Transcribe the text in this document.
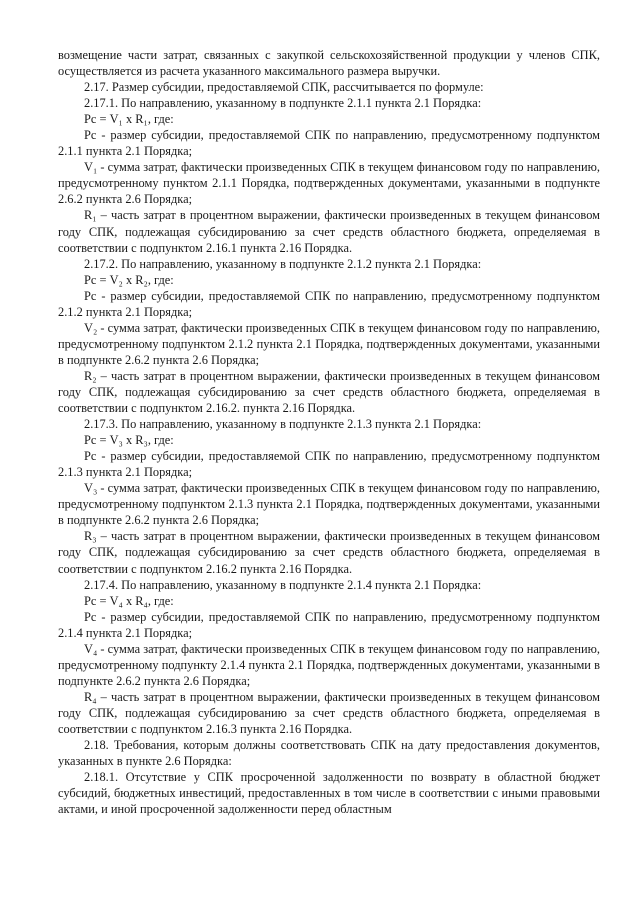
возмещение части затрат, связанных с закупкой сельскохозяйственной продукции у членов СПК, осуществляется из расчета указанного максимального размера выручки.

2.17. Размер субсидии, предоставляемой СПК, рассчитывается по формуле:

2.17.1. По направлению, указанному в подпункте 2.1.1 пункта 2.1 Порядка:

Рс = V₁ х R₁, где:

Рс - размер субсидии, предоставляемой СПК по направлению, предусмотренному подпунктом 2.1.1 пункта 2.1 Порядка;

V₁ - сумма затрат, фактически произведенных СПК в текущем финансовом году по направлению, предусмотренному пунктом 2.1.1 Порядка, подтвержденных документами, указанными в подпункте 2.6.2 пункта 2.6 Порядка;

R₁ – часть затрат в процентном выражении, фактически произведенных в текущем финансовом году СПК, подлежащая субсидированию за счет средств областного бюджета, определяемая в соответствии с подпунктом 2.16.1 пункта 2.16 Порядка.

2.17.2. По направлению, указанному в подпункте 2.1.2 пункта 2.1 Порядка:

Рс = V₂ х R₂, где:

Рс - размер субсидии, предоставляемой СПК по направлению, предусмотренному подпунктом 2.1.2 пункта 2.1 Порядка;

V₂ - сумма затрат, фактически произведенных СПК в текущем финансовом году по направлению, предусмотренному подпунктом 2.1.2 пункта 2.1 Порядка, подтвержденных документами, указанными в подпункте 2.6.2 пункта 2.6 Порядка;

R₂ – часть затрат в процентном выражении, фактически произведенных в текущем финансовом году СПК, подлежащая субсидированию за счет средств областного бюджета, определяемая в соответствии с подпунктом 2.16.2. пункта 2.16 Порядка.

2.17.3. По направлению, указанному в подпункте 2.1.3 пункта 2.1 Порядка:

Рс = V₃ х R₃, где:

Рс - размер субсидии, предоставляемой СПК по направлению, предусмотренному подпунктом 2.1.3 пункта 2.1 Порядка;

V₃ - сумма затрат, фактически произведенных СПК в текущем финансовом году по направлению, предусмотренному подпунктом 2.1.3 пункта 2.1 Порядка, подтвержденных документами, указанными в подпункте 2.6.2 пункта 2.6 Порядка;

R₃ – часть затрат в процентном выражении, фактически произведенных в текущем финансовом году СПК, подлежащая субсидированию за счет средств областного бюджета, определяемая в соответствии с подпунктом 2.16.2 пункта 2.16 Порядка.

2.17.4. По направлению, указанному в подпункте 2.1.4 пункта 2.1 Порядка:

Рс = V₄ х R₄, где:

Рс - размер субсидии, предоставляемой СПК по направлению, предусмотренному подпунктом 2.1.4 пункта 2.1 Порядка;

V₄ - сумма затрат, фактически произведенных СПК в текущем финансовом году по направлению, предусмотренному подпункту 2.1.4 пункта 2.1 Порядка, подтвержденных документами, указанными в подпункте 2.6.2 пункта 2.6 Порядка;

R₄ – часть затрат в процентном выражении, фактически произведенных в текущем финансовом году СПК, подлежащая субсидированию за счет средств областного бюджета, определяемая в соответствии с подпунктом 2.16.3 пункта 2.16 Порядка.

2.18. Требования, которым должны соответствовать СПК на дату предоставления документов, указанных в пункте 2.6 Порядка:

2.18.1. Отсутствие у СПК просроченной задолженности по возврату в областной бюджет субсидий, бюджетных инвестиций, предоставленных в том числе в соответствии с иными правовыми актами, и иной просроченной задолженности перед областным
